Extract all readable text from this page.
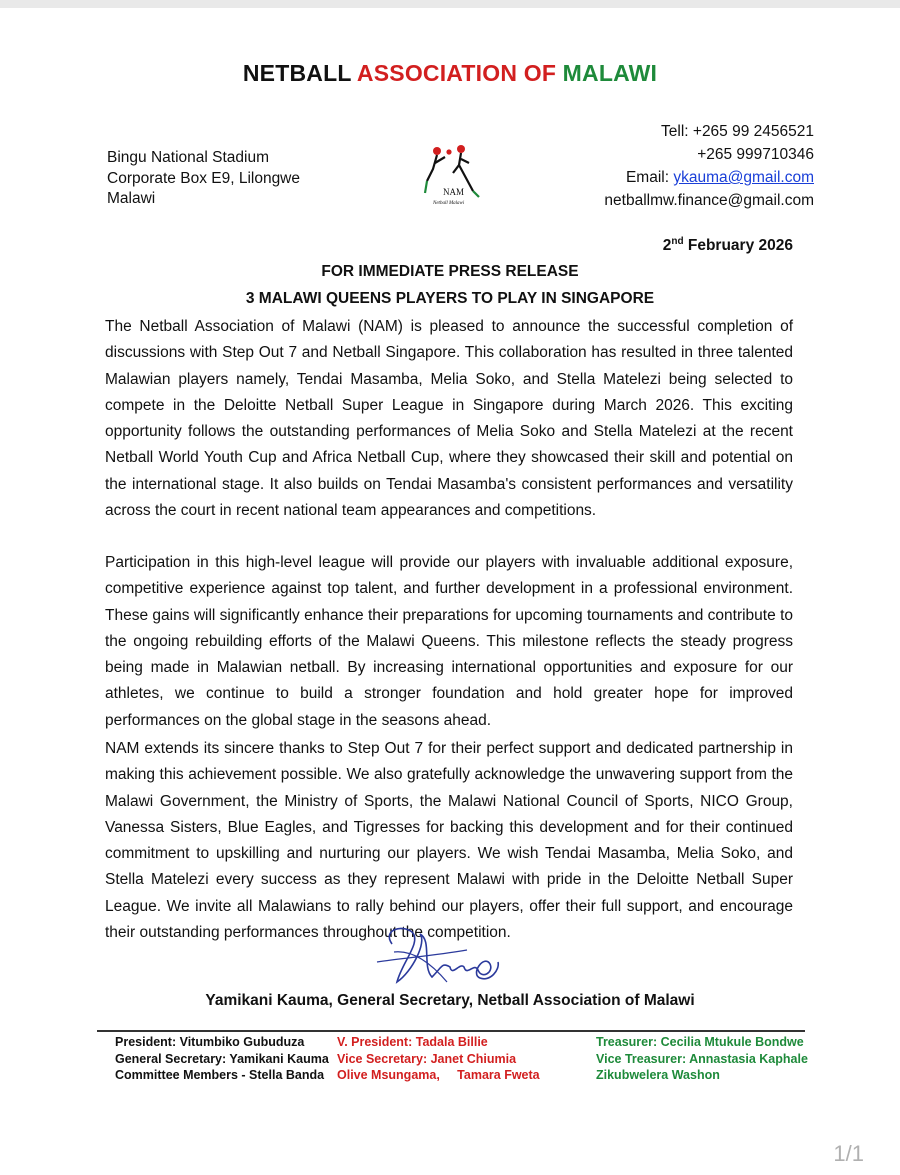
NETBALL ASSOCIATION OF MALAWI
Bingu National Stadium
Corporate Box E9, Lilongwe
Malawi	NAM
Netball Malawi
Tell: +265 99 2456521
+265 999710346
Email: ykauma@gmail.com
netballmw.finance@gmail.com
2nd February 2026
FOR IMMEDIATE PRESS RELEASE
3 MALAWI QUEENS PLAYERS TO PLAY IN SINGAPORE
The Netball Association of Malawi (NAM) is pleased to announce the successful completion of discussions with Step Out 7 and Netball Singapore. This collaboration has resulted in three talented Malawian players namely, Tendai Masamba, Melia Soko, and Stella Matelezi being selected to compete in the Deloitte Netball Super League in Singapore during March 2026. This exciting opportunity follows the outstanding performances of Melia Soko and Stella Matelezi at the recent Netball World Youth Cup and Africa Netball Cup, where they showcased their skill and potential on the international stage. It also builds on Tendai Masamba's consistent performances and versatility across the court in recent national team appearances and competitions.
Participation in this high-level league will provide our players with invaluable additional exposure, competitive experience against top talent, and further development in a professional environment. These gains will significantly enhance their preparations for upcoming tournaments and contribute to the ongoing rebuilding efforts of the Malawi Queens. This milestone reflects the steady progress being made in Malawian netball. By increasing international opportunities and exposure for our athletes, we continue to build a stronger foundation and hold greater hope for improved performances on the global stage in the seasons ahead.
NAM extends its sincere thanks to Step Out 7 for their perfect support and dedicated partnership in making this achievement possible. We also gratefully acknowledge the unwavering support from the Malawi Government, the Ministry of Sports, the Malawi National Council of Sports, NICO Group, Vanessa Sisters, Blue Eagles, and Tigresses for backing this development and for their continued commitment to upskilling and nurturing our players. We wish Tendai Masamba, Melia Soko, and Stella Matelezi every success as they represent Malawi with pride in the Deloitte Netball Super League. We invite all Malawians to rally behind our players, offer their full support, and encourage their outstanding performances throughout the competition.
Yamikani Kauma, General Secretary, Netball Association of Malawi
President: Vitumbiko Gubuduza
General Secretary: Yamikani Kauma
Committee Members - Stella Banda
V. President: Tadala Billie
Vice Secretary: Janet Chiumia
Olive Msungama,     Tamara Fweta
Treasurer: Cecilia Mtukule Bondwe
Vice Treasurer: Annastasia Kaphale
Zikubwelera Washon
1/1
